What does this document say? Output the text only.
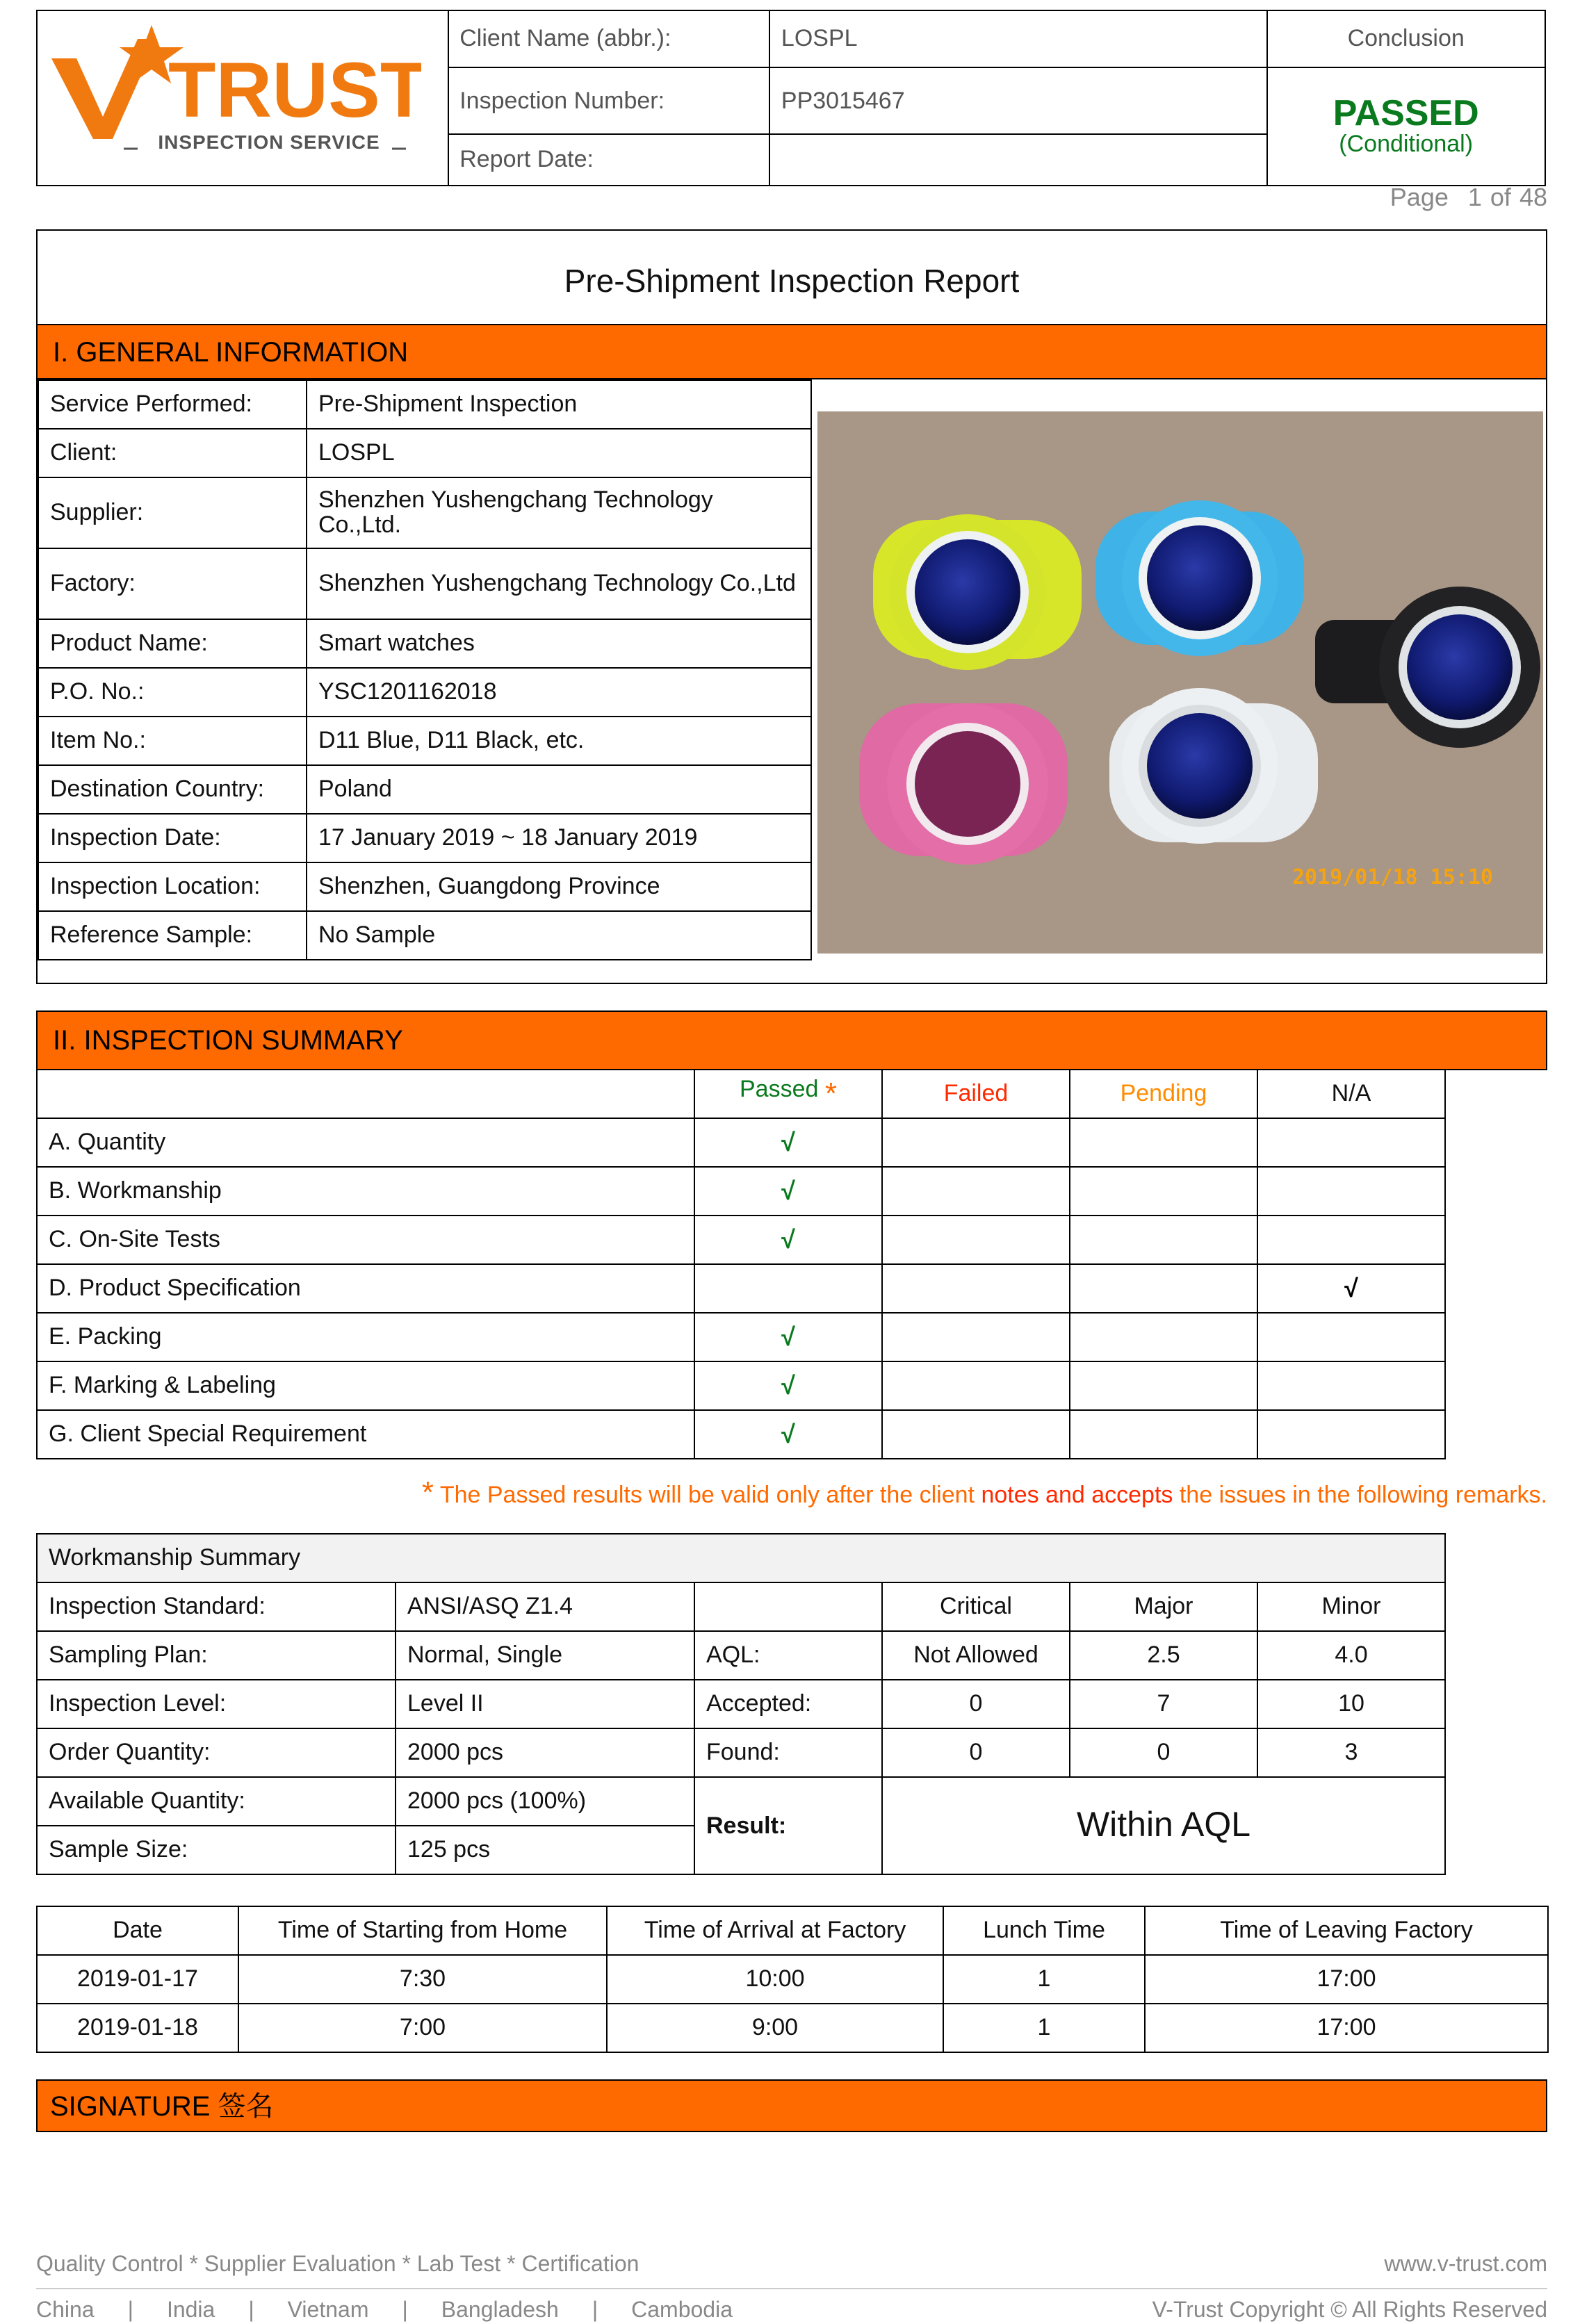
TRUST
INSPECTION SERVICE	Client Name (abbr.):	LOSPL	Conclusion
	Inspection Number:	PP3015467	PASSED
(Conditional)

	Report Date:		
Page 1 of 48
Pre-Shipment Inspection Report
I. GENERAL INFORMATION
Service Performed:	Pre-Shipment Inspection
Client:	LOSPL
Supplier:	Shenzhen Yushengchang Technology Co.,Ltd.
Factory:	Shenzhen Yushengchang Technology Co.,Ltd
Product Name:	Smart watches
P.O. No.:	YSC1201162018
Item No.:	D11 Blue, D11 Black, etc.
Destination Country:	Poland
Inspection Date:	17 January 2019 ~ 18 January 2019
Inspection Location:	Shenzhen, Guangdong Province
Reference Sample:	No Sample
2019/01/18 15:10
II. INSPECTION SUMMARY
	Passed *	Failed	Pending	N/A
A. Quantity	√			
B. Workmanship	√			
C. On-Site Tests	√			
D. Product Specification				√
E. Packing	√			
F. Marking & Labeling	√			
G. Client Special Requirement	√			
* The Passed results will be valid only after the client notes and accepts the issues in the following remarks.
Workmanship Summary					
Inspection Standard:	ANSI/ASQ Z1.4		Critical	Major	Minor
Sampling Plan:	Normal, Single	AQL:	Not Allowed	2.5	4.0
Inspection Level:	Level II	Accepted:	0	7	10
Order Quantity:	2000 pcs	Found:	0	0	3
Available Quantity:	2000 pcs (100%)	Result:	Within AQL		
Sample Size:	125 pcs				
Date	Time of Starting from Home	Time of Arrival at Factory	Lunch Time	Time of Leaving Factory
2019-01-17	7:30	10:00	1	17:00
2019-01-18	7:00	9:00	1	17:00
SIGNATURE 签名
Quality Control * Supplier Evaluation * Lab Test * Certification	www.v-trust.com
China	|	India	|	Vietnam	|	Bangladesh	|	Cambodia	V-Trust Copyright © All Rights Reserved
